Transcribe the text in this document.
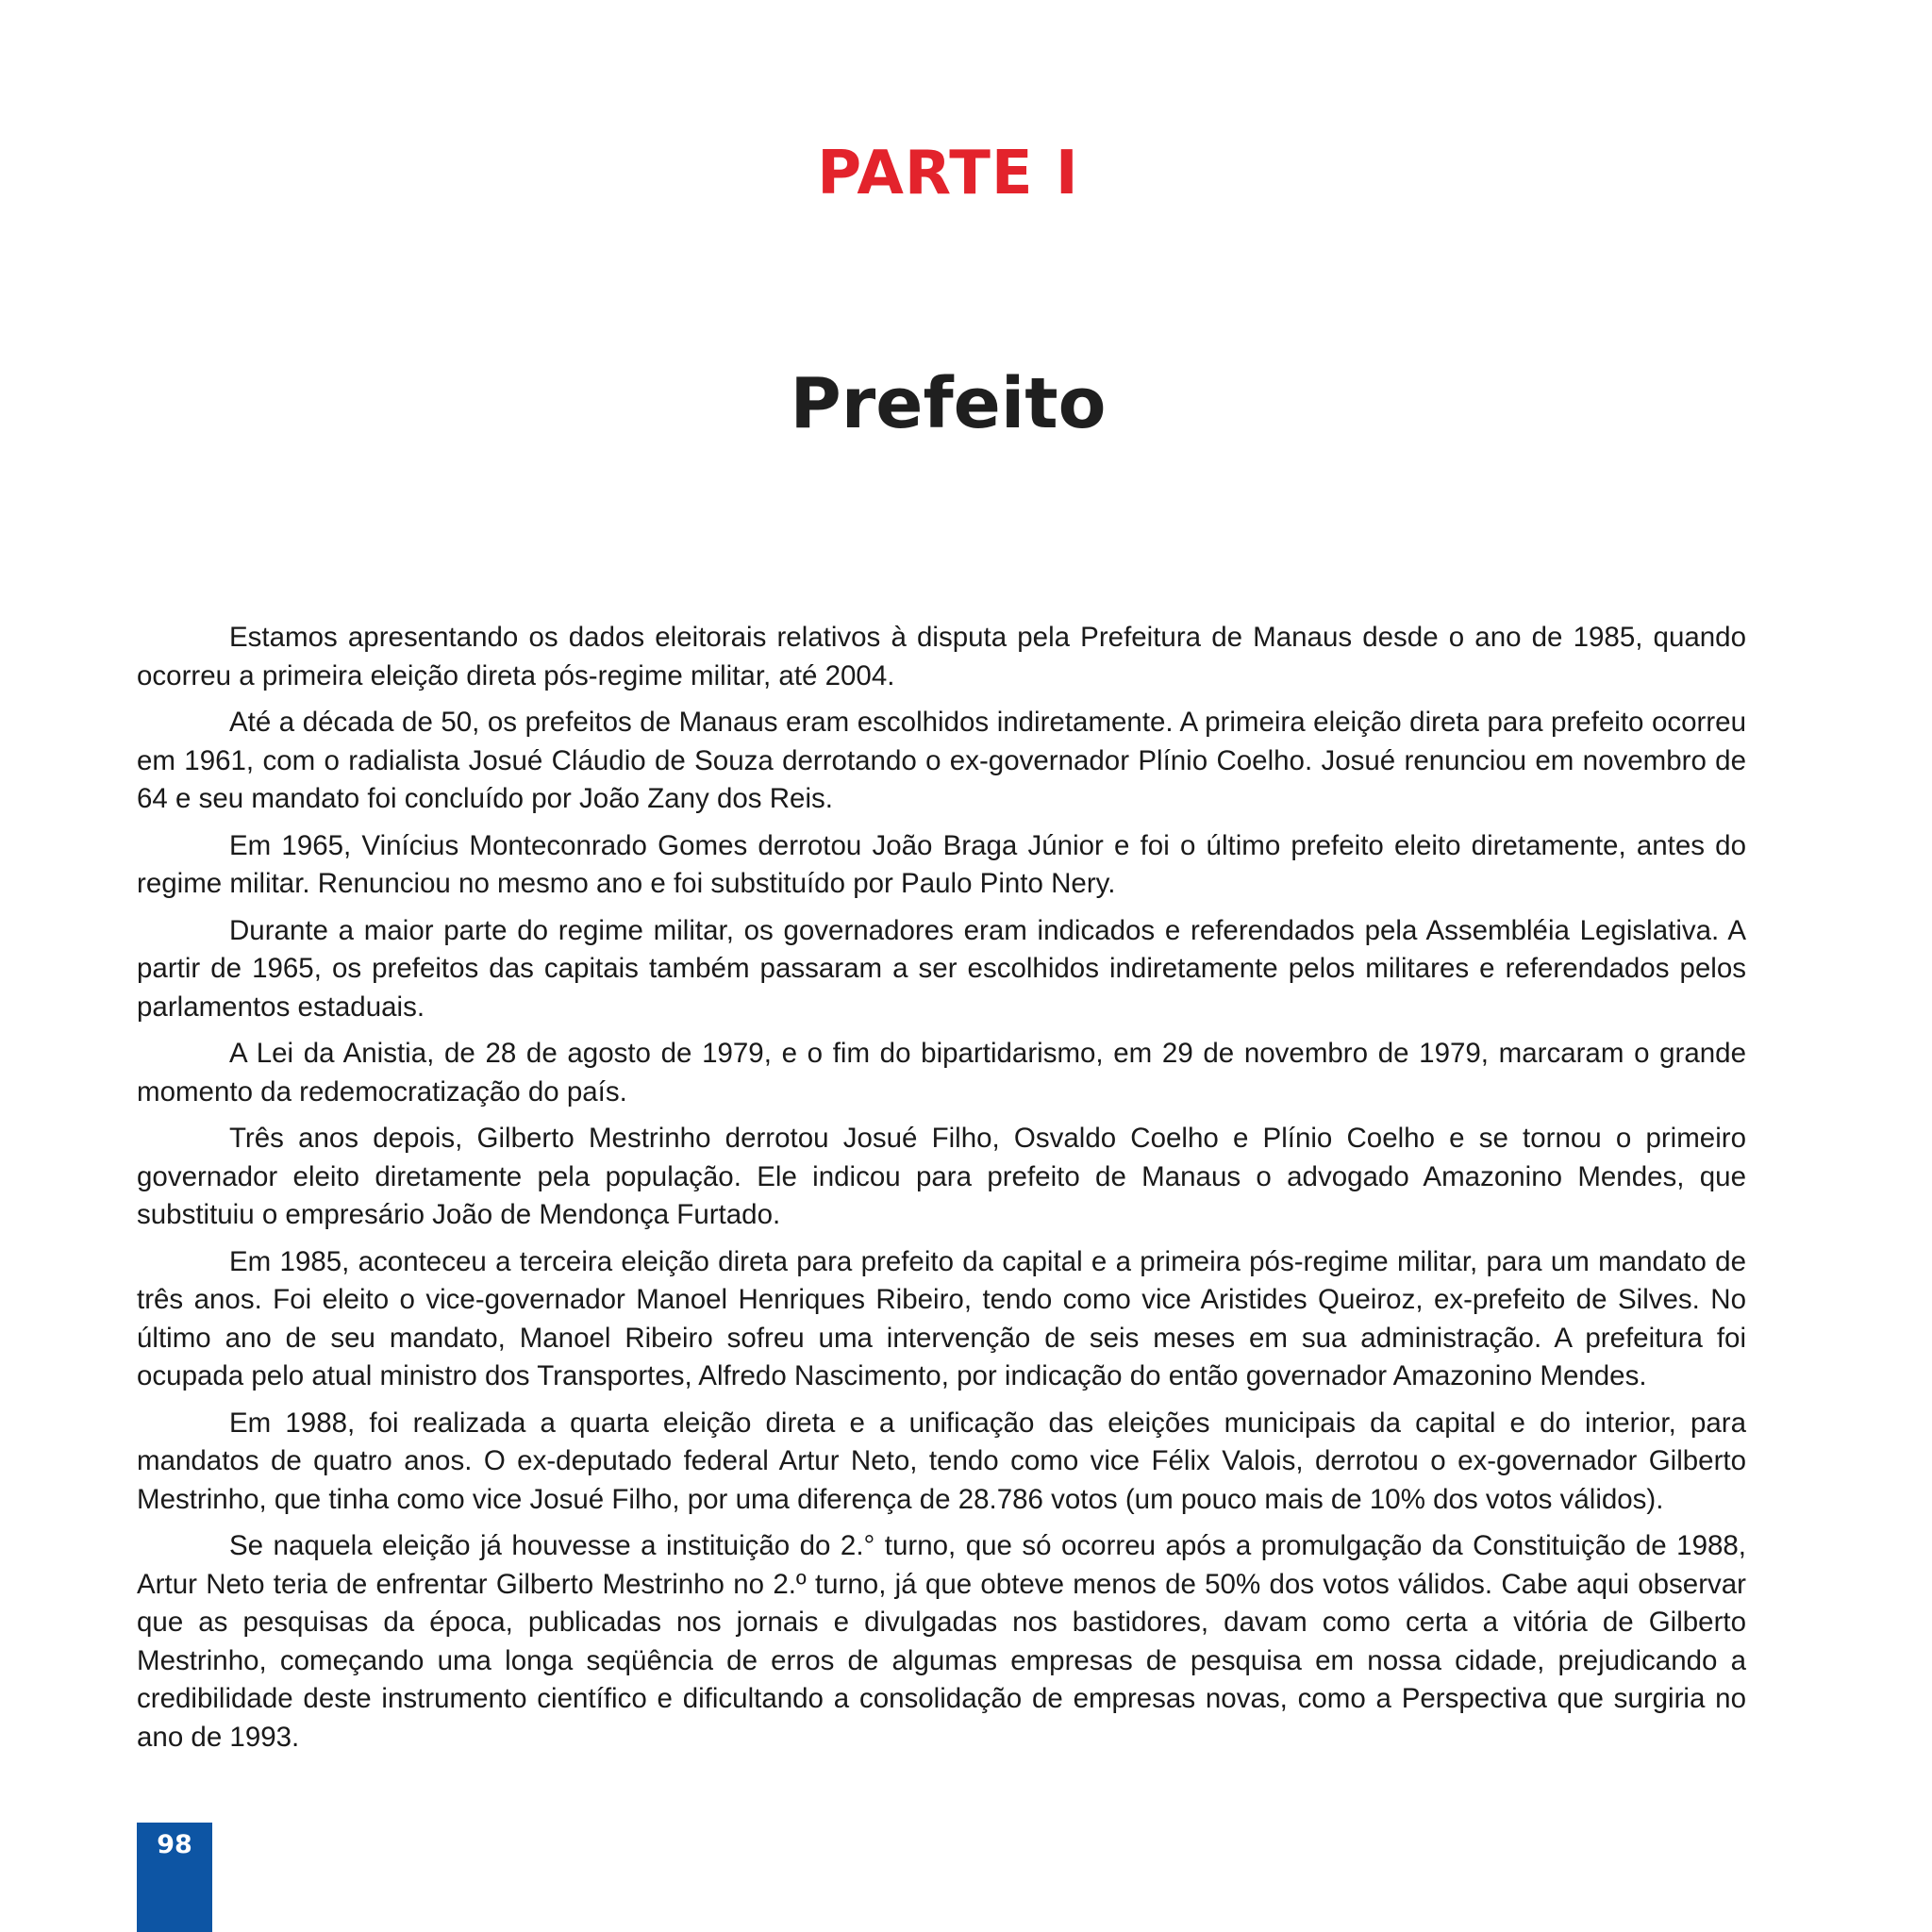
PARTE I
Prefeito

Estamos apresentando os dados eleitorais relativos à disputa pela Prefeitura de Manaus desde o ano de 1985, quando ocorreu a primeira eleição direta pós-regime militar, até 2004.

Até a década de 50, os prefeitos de Manaus eram escolhidos indiretamente. A primeira eleição direta para prefeito ocorreu em 1961, com o radialista Josué Cláudio de Souza derrotando o ex-governador Plínio Coelho. Josué renunciou em novembro de 64 e seu mandato foi concluído por João Zany dos Reis.

Em 1965, Vinícius Monteconrado Gomes derrotou João Braga Júnior e foi o último prefeito eleito diretamente, antes do regime militar. Renunciou no mesmo ano e foi substituído por Paulo Pinto Nery.

Durante a maior parte do regime militar, os governadores eram indicados e referendados pela Assembléia Legislativa. A partir de 1965, os prefeitos das capitais também passaram a ser escolhidos indiretamente pelos militares e referendados pelos parlamentos estaduais.

A Lei da Anistia, de 28 de agosto de 1979, e o fim do bipartidarismo, em 29 de novembro de 1979, marcaram o grande momento da redemocratização do país.

Três anos depois, Gilberto Mestrinho derrotou Josué Filho, Osvaldo Coelho e Plínio Coelho e se tornou o primeiro governador eleito diretamente pela população. Ele indicou para prefeito de Manaus o advogado Amazonino Mendes, que substituiu o empresário João de Mendonça Furtado.

Em 1985, aconteceu a terceira eleição direta para prefeito da capital e a primeira pós-regime militar, para um mandato de três anos. Foi eleito o vice-governador Manoel Henriques Ribeiro, tendo como vice Aristides Queiroz, ex-prefeito de Silves. No último ano de seu mandato, Manoel Ribeiro sofreu uma intervenção de seis meses em sua administração. A prefeitura foi ocupada pelo atual ministro dos Transportes, Alfredo Nascimento, por indicação do então governador Amazonino Mendes.

Em 1988, foi realizada a quarta eleição direta e a unificação das eleições municipais da capital e do interior, para mandatos de quatro anos. O ex-deputado federal Artur Neto, tendo como vice Félix Valois, derrotou o ex-governador Gilberto Mestrinho, que tinha como vice Josué Filho, por uma diferença de 28.786 votos (um pouco mais de 10% dos votos válidos).

Se naquela eleição já houvesse a instituição do 2.° turno, que só ocorreu após a promulgação da Constituição de 1988, Artur Neto teria de enfrentar Gilberto Mestrinho no 2.º turno, já que obteve menos de 50% dos votos válidos. Cabe aqui observar que as pesquisas da época, publicadas nos jornais e divulgadas nos bastidores, davam como certa a vitória de Gilberto Mestrinho, começando uma longa seqüência de erros de algumas empresas de pesquisa em nossa cidade, prejudicando a credibilidade deste instrumento científico e dificultando a consolidação de empresas novas, como a Perspectiva que surgiria no ano de 1993.

98
